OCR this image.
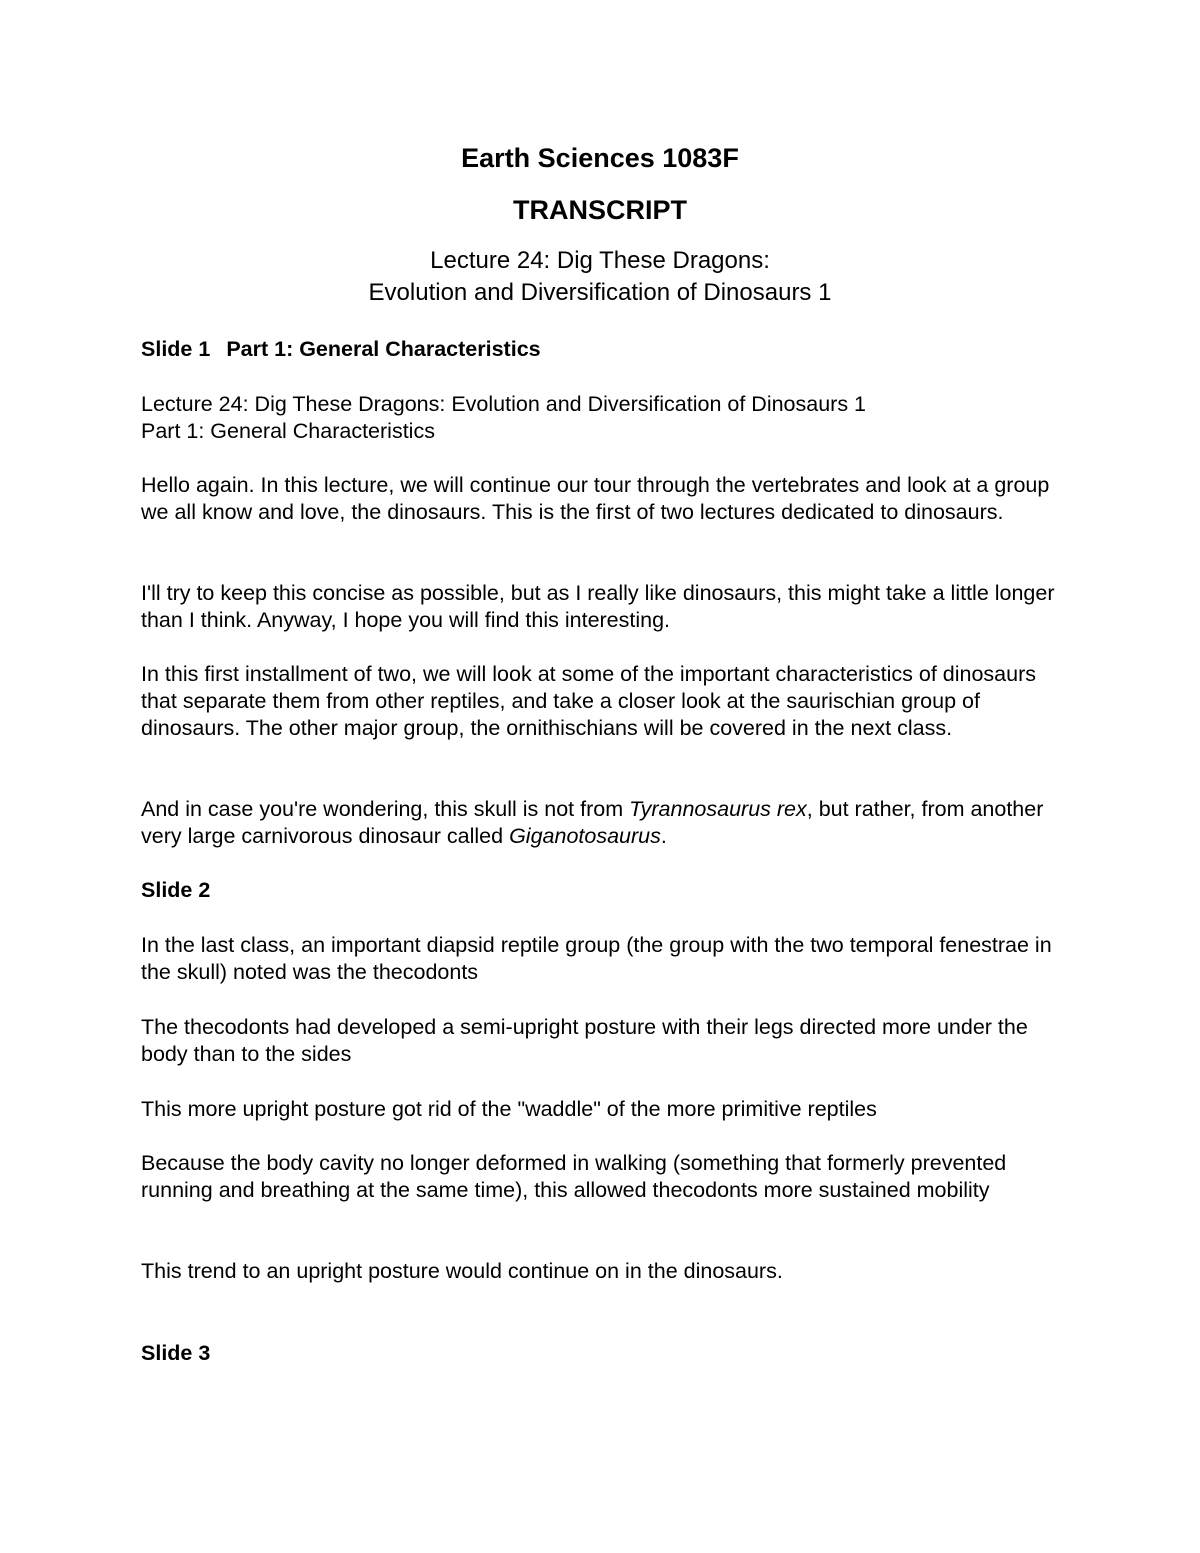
Earth Sciences 1083F
TRANSCRIPT
Lecture 24: Dig These Dragons:
Evolution and Diversification of Dinosaurs 1
Slide 1 Part 1: General Characteristics

Lecture 24: Dig These Dragons: Evolution and Diversification of Dinosaurs 1

Part 1: General Characteristics

Hello again. In this lecture, we will continue our tour through the vertebrates and look at a group we all know and love, the dinosaurs. This is the first of two lectures dedicated to dinosaurs.

I'll try to keep this concise as possible, but as I really like dinosaurs, this might take a little longer than I think. Anyway, I hope you will find this interesting.

In this first installment of two, we will look at some of the important characteristics of dinosaurs that separate them from other reptiles, and take a closer look at the saurischian group of dinosaurs. The other major group, the ornithischians will be covered in the next class.

And in case you're wondering, this skull is not from Tyrannosaurus rex, but rather, from another very large carnivorous dinosaur called Giganotosaurus.

Slide 2

In the last class, an important diapsid reptile group (the group with the two temporal fenestrae in the skull) noted was the thecodonts

The thecodonts had developed a semi-upright posture with their legs directed more under the body than to the sides

This more upright posture got rid of the "waddle" of the more primitive reptiles

Because the body cavity no longer deformed in walking (something that formerly prevented running and breathing at the same time), this allowed thecodonts more sustained mobility

This trend to an upright posture would continue on in the dinosaurs.

Slide 3
